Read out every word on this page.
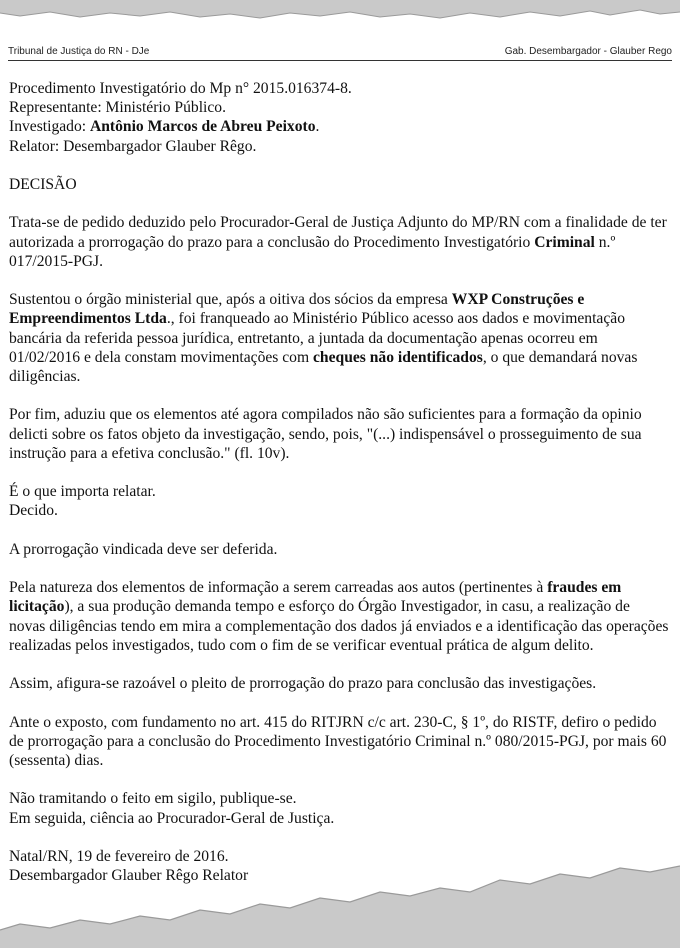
Tribunal de Justiça do RN - DJe	Gab. Desembargador - Glauber Rego

Procedimento Investigatório do Mp n° 2015.016374-8.
Representante: Ministério Público.
Investigado: Antônio Marcos de Abreu Peixoto.
Relator: Desembargador Glauber Rêgo.

DECISÃO

Trata-se de pedido deduzido pelo Procurador-Geral de Justiça Adjunto do MP/RN com a finalidade de ter autorizada a prorrogação do prazo para a conclusão do Procedimento Investigatório Criminal n.º 017/2015-PGJ.

Sustentou o órgão ministerial que, após a oitiva dos sócios da empresa WXP Construções e Empreendimentos Ltda., foi franqueado ao Ministério Público acesso aos dados e movimentação bancária da referida pessoa jurídica, entretanto, a juntada da documentação apenas ocorreu em 01/02/2016 e dela constam movimentações com cheques não identificados, o que demandará novas diligências.

Por fim, aduziu que os elementos até agora compilados não são suficientes para a formação da opinio delicti sobre os fatos objeto da investigação, sendo, pois, "(...) indispensável o prosseguimento de sua instrução para a efetiva conclusão." (fl. 10v).

É o que importa relatar.
Decido.

A prorrogação vindicada deve ser deferida.

Pela natureza dos elementos de informação a serem carreadas aos autos (pertinentes à fraudes em licitação), a sua produção demanda tempo e esforço do Órgão Investigador, in casu, a realização de novas diligências tendo em mira a complementação dos dados já enviados e a identificação das operações realizadas pelos investigados, tudo com o fim de se verificar eventual prática de algum delito.

Assim, afigura-se razoável o pleito de prorrogação do prazo para conclusão das investigações.

Ante o exposto, com fundamento no art. 415 do RITJRN c/c art. 230-C, § 1º, do RISTF, defiro o pedido de prorrogação para a conclusão do Procedimento Investigatório Criminal n.º 080/2015-PGJ, por mais 60 (sessenta) dias.

Não tramitando o feito em sigilo, publique-se.
Em seguida, ciência ao Procurador-Geral de Justiça.

Natal/RN, 19 de fevereiro de 2016.
Desembargador Glauber Rêgo Relator
